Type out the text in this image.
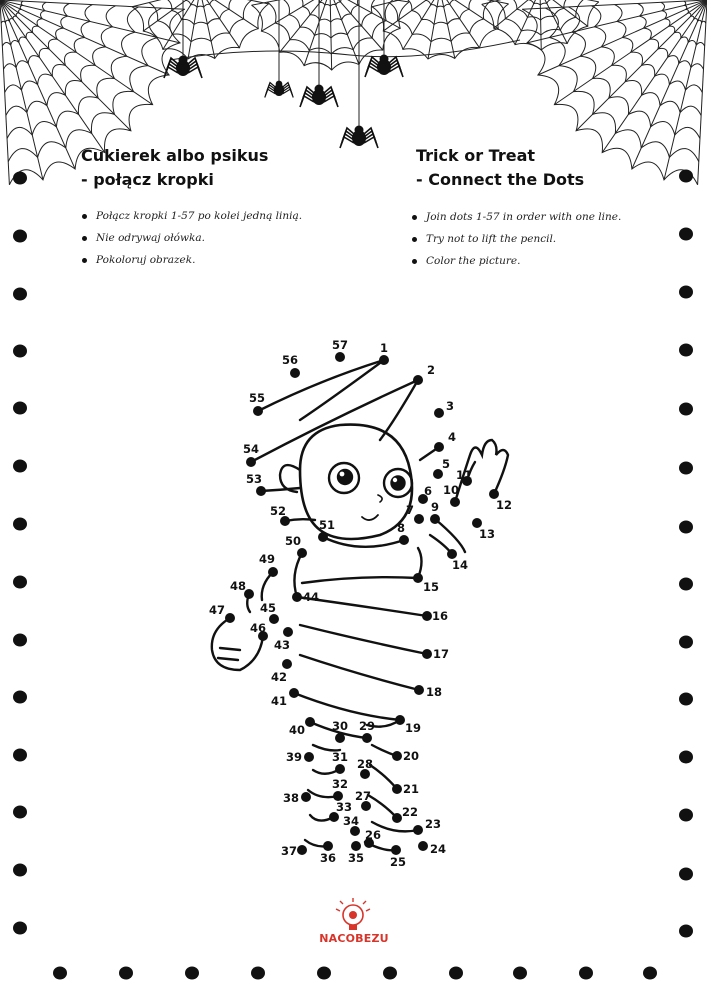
1
2
3
4
5
6
7
8
9
10
11
12
13
14
15
16
17
18
19
20
21
22
23
24
25
26
27
28
29
30
31
32
33
34
35
36
37
38
39
40
41
42
43
44
45
46
47
48
49
50
51
52
53
54
55
56
57
Cukierek albo psikus
- połącz kropki
Trick or Treat
- Connect the Dots
Połącz kropki 1-57 po kolei jedną linią.
Nie odrywaj ołówka.
Pokoloruj obrazek.
Join dots 1-57 in order with one line.
Try not to lift the pencil.
Color the picture.
NACOBEZU
